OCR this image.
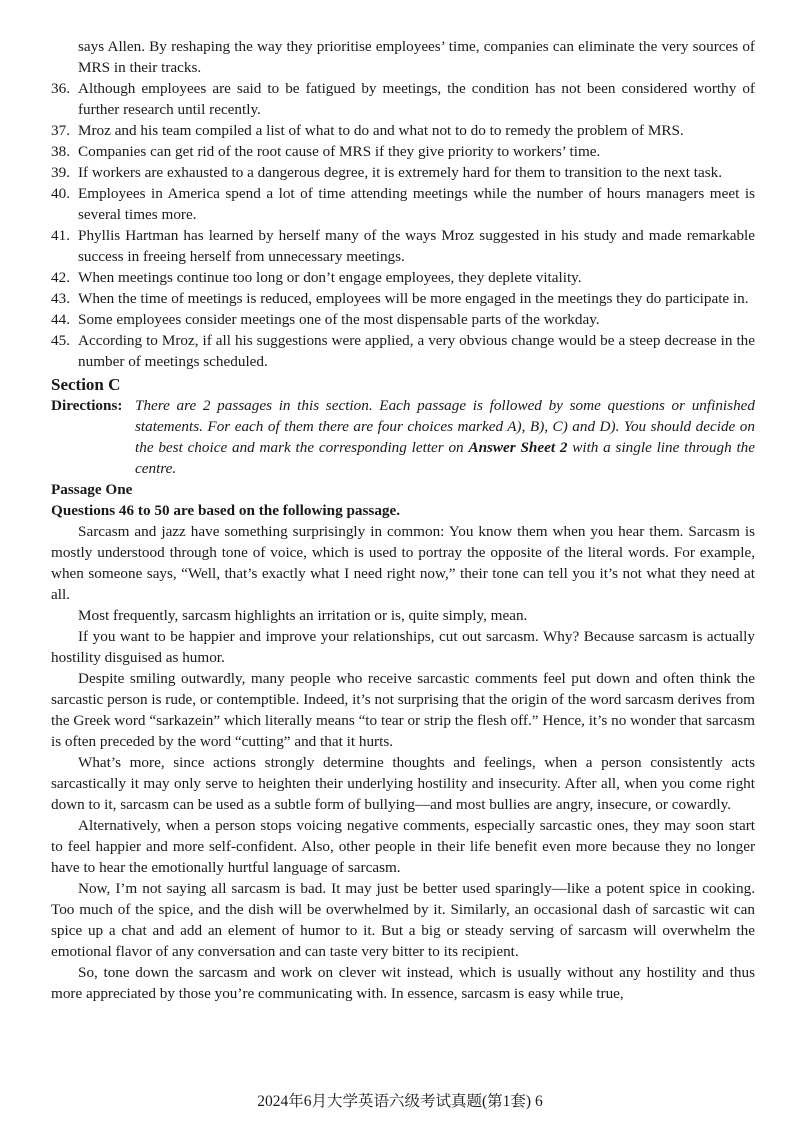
says Allen. By reshaping the way they prioritise employees’ time, companies can eliminate the very sources of MRS in their tracks.
36. Although employees are said to be fatigued by meetings, the condition has not been considered worthy of further research until recently.
37. Mroz and his team compiled a list of what to do and what not to do to remedy the problem of MRS.
38. Companies can get rid of the root cause of MRS if they give priority to workers’ time.
39. If workers are exhausted to a dangerous degree, it is extremely hard for them to transition to the next task.
40. Employees in America spend a lot of time attending meetings while the number of hours managers meet is several times more.
41. Phyllis Hartman has learned by herself many of the ways Mroz suggested in his study and made remarkable success in freeing herself from unnecessary meetings.
42. When meetings continue too long or don’t engage employees, they deplete vitality.
43. When the time of meetings is reduced, employees will be more engaged in the meetings they do participate in.
44. Some employees consider meetings one of the most dispensable parts of the workday.
45. According to Mroz, if all his suggestions were applied, a very obvious change would be a steep decrease in the number of meetings scheduled.
Section C
Directions: There are 2 passages in this section. Each passage is followed by some questions or unfinished statements. For each of them there are four choices marked A), B), C) and D). You should decide on the best choice and mark the corresponding letter on Answer Sheet 2 with a single line through the centre.
Passage One
Questions 46 to 50 are based on the following passage.
Sarcasm and jazz have something surprisingly in common: You know them when you hear them. Sarcasm is mostly understood through tone of voice, which is used to portray the opposite of the literal words. For example, when someone says, “Well, that’s exactly what I need right now,” their tone can tell you it’s not what they need at all.
Most frequently, sarcasm highlights an irritation or is, quite simply, mean.
If you want to be happier and improve your relationships, cut out sarcasm. Why? Because sarcasm is actually hostility disguised as humor.
Despite smiling outwardly, many people who receive sarcastic comments feel put down and often think the sarcastic person is rude, or contemptible. Indeed, it’s not surprising that the origin of the word sarcasm derives from the Greek word “sarkazein” which literally means “to tear or strip the flesh off.” Hence, it’s no wonder that sarcasm is often preceded by the word “cutting” and that it hurts.
What’s more, since actions strongly determine thoughts and feelings, when a person consistently acts sarcastically it may only serve to heighten their underlying hostility and insecurity. After all, when you come right down to it, sarcasm can be used as a subtle form of bullying—and most bullies are angry, insecure, or cowardly.
Alternatively, when a person stops voicing negative comments, especially sarcastic ones, they may soon start to feel happier and more self-confident. Also, other people in their life benefit even more because they no longer have to hear the emotionally hurtful language of sarcasm.
Now, I’m not saying all sarcasm is bad. It may just be better used sparingly—like a potent spice in cooking. Too much of the spice, and the dish will be overwhelmed by it. Similarly, an occasional dash of sarcastic wit can spice up a chat and add an element of humor to it. But a big or steady serving of sarcasm will overwhelm the emotional flavor of any conversation and can taste very bitter to its recipient.
So, tone down the sarcasm and work on clever wit instead, which is usually without any hostility and thus more appreciated by those you’re communicating with. In essence, sarcasm is easy while true,
2024年6月大学英语六级考试真题(第1套) 6
